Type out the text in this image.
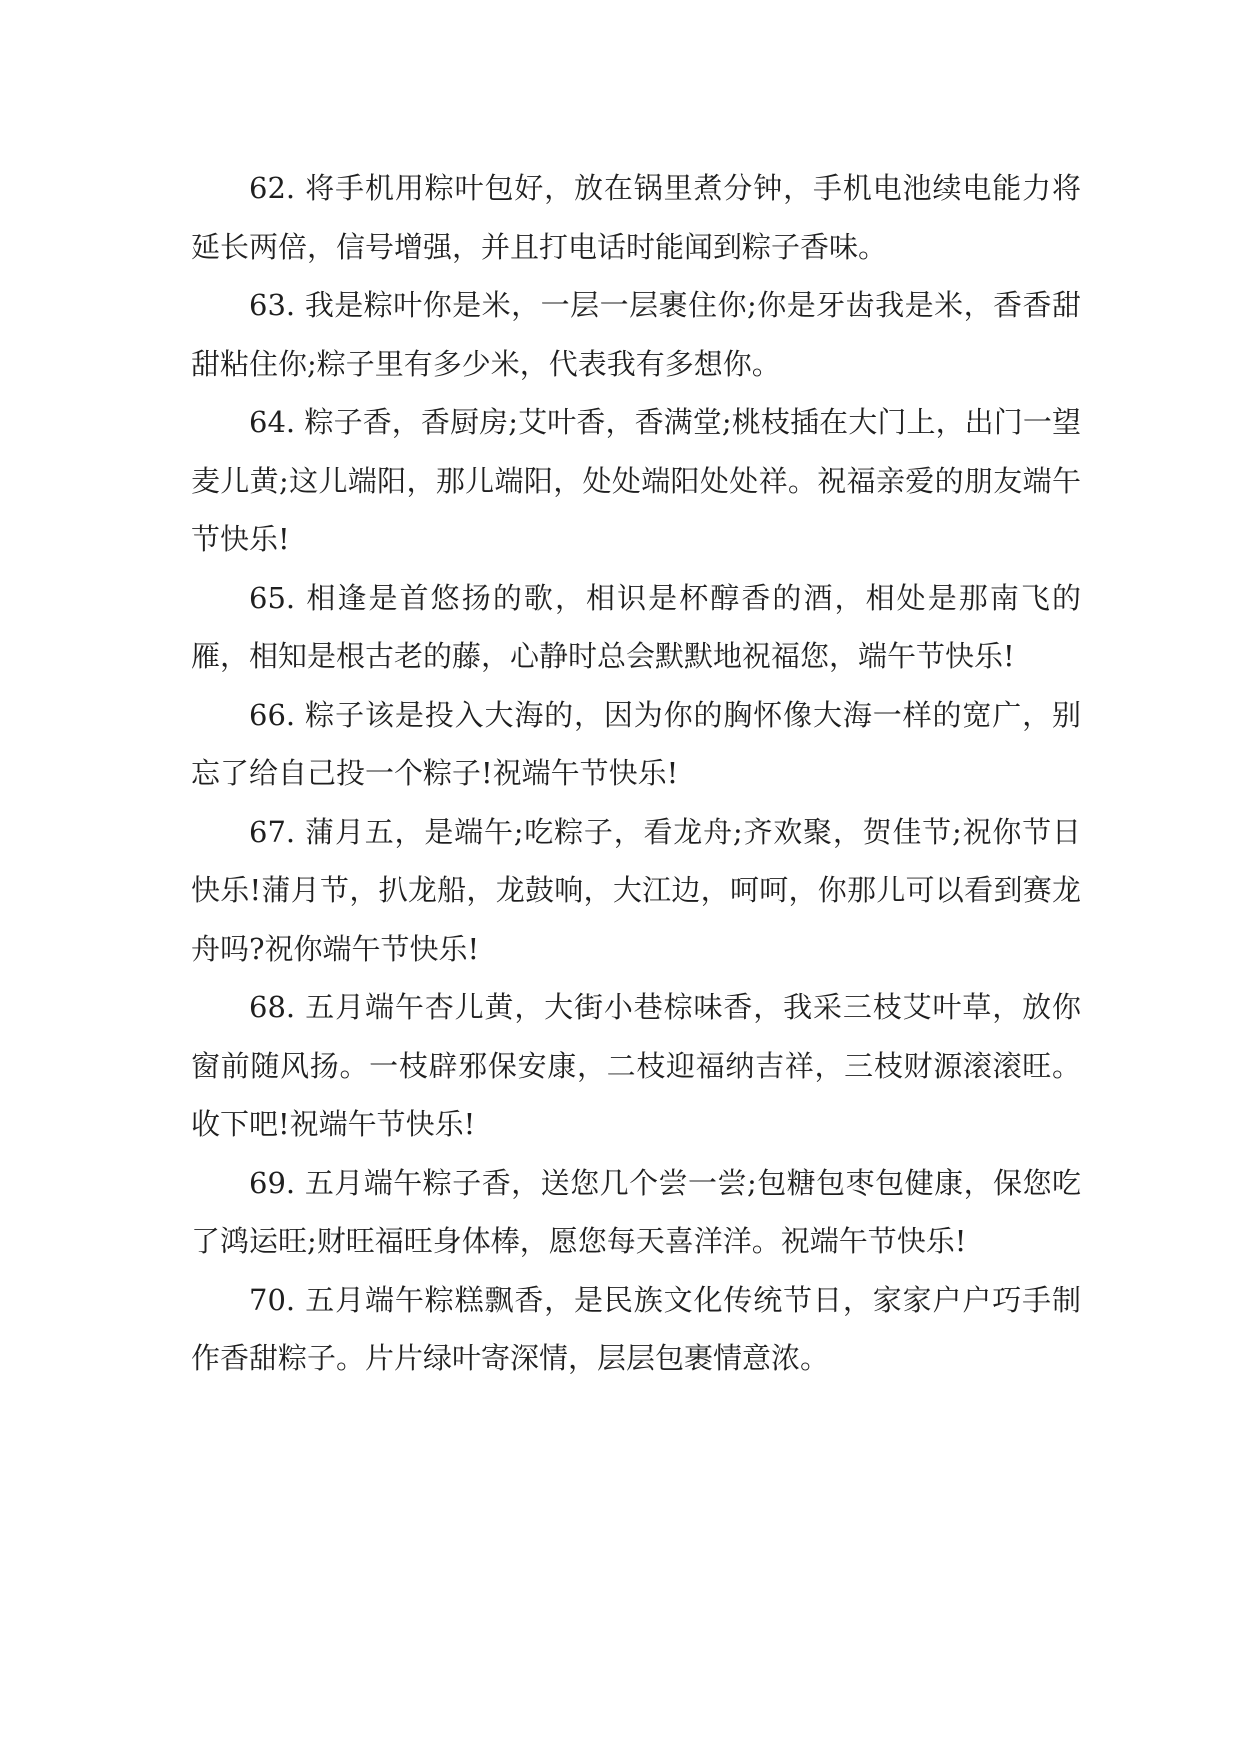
62. 将手机用粽叶包好，放在锅里煮分钟，手机电池续电能力将延长两倍，信号增强，并且打电话时能闻到粽子香味。

63. 我是粽叶你是米，一层一层裹住你;你是牙齿我是米，香香甜甜粘住你;粽子里有多少米，代表我有多想你。

64. 粽子香，香厨房;艾叶香，香满堂;桃枝插在大门上，出门一望麦儿黄;这儿端阳，那儿端阳，处处端阳处处祥。祝福亲爱的朋友端午节快乐!

65. 相逢是首悠扬的歌，相识是杯醇香的酒，相处是那南飞的雁，相知是根古老的藤，心静时总会默默地祝福您，端午节快乐!

66. 粽子该是投入大海的，因为你的胸怀像大海一样的宽广，别忘了给自己投一个粽子!祝端午节快乐!

67. 蒲月五，是端午;吃粽子，看龙舟;齐欢聚，贺佳节;祝你节日快乐!蒲月节，扒龙船，龙鼓响，大江边，呵呵，你那儿可以看到赛龙舟吗?祝你端午节快乐!

68. 五月端午杏儿黄，大街小巷棕味香，我采三枝艾叶草，放你窗前随风扬。一枝辟邪保安康，二枝迎福纳吉祥，三枝财源滚滚旺。收下吧!祝端午节快乐!

69. 五月端午粽子香，送您几个尝一尝;包糖包枣包健康，保您吃了鸿运旺;财旺福旺身体棒，愿您每天喜洋洋。祝端午节快乐!

70. 五月端午粽糕飘香，是民族文化传统节日，家家户户巧手制作香甜粽子。片片绿叶寄深情，层层包裹情意浓。
